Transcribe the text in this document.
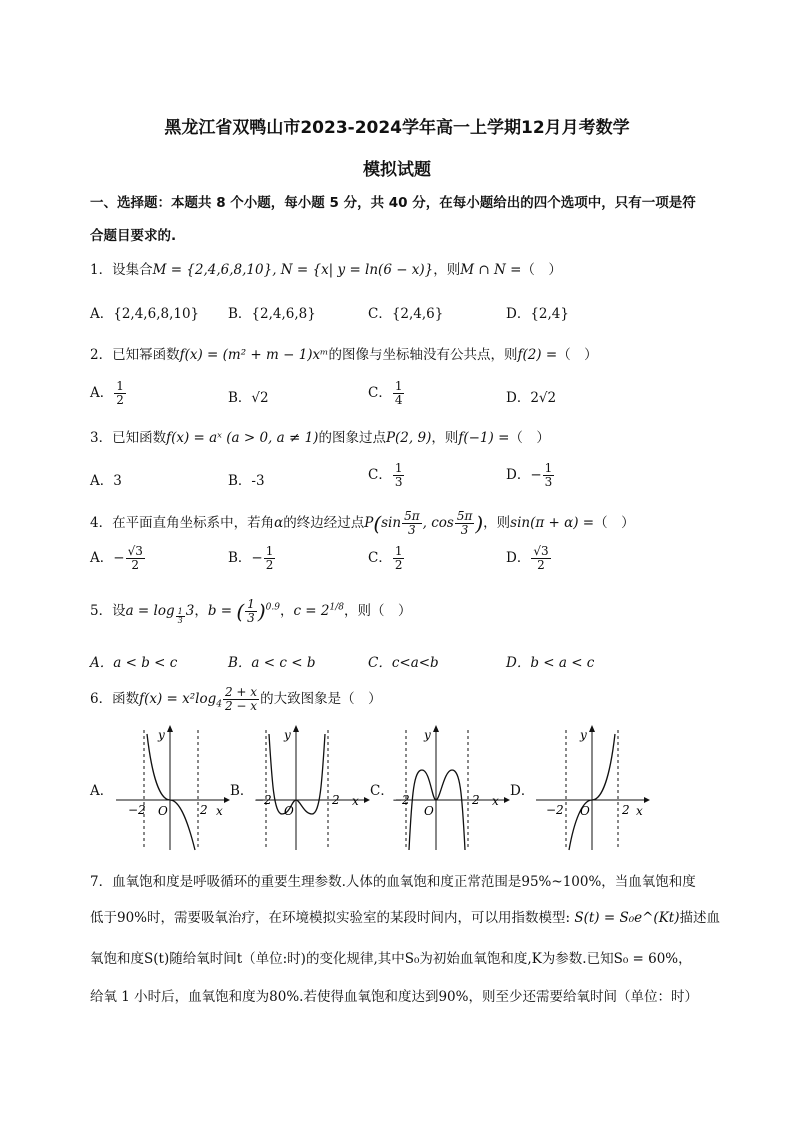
黑龙江省双鸭山市2023-2024学年高一上学期12月月考数学
模拟试题
一、选择题：本题共 8 个小题，每小题 5 分，共 40 分，在每小题给出的四个选项中，只有一项是符
合题目要求的.
1．设集合M = {2,4,6,8,10}, N = {x| y = ln(6 − x)}，则M ∩ N =（　）
A．{2,4,6,8,10} B．{2,4,6,8}	C．{2,4,6}	D．{2,4}
2．已知幂函数f(x) = (m² + m − 1)xᵐ的图像与坐标轴没有公共点，则f(2) =（　）
A． $\frac{1}{2}$	B．√2	C． $\frac{1}{4}$	D．2√2
3．已知函数f(x) = aˣ (a > 0, a ≠ 1)的图象过点P(2, 9)，则f(−1) =（　）
A．3	B．-3	C． $\frac{1}{3}$	D．− $\frac{1}{3}$
4．在平面直角坐标系中，若角α的终边经过点$P(\sin \frac{5\pi}{3}$ , $\cos \frac{5\pi}{3}$ )，则sin(π + α) =（　）
A．− $\frac{√3}{2}$	B．− $\frac{1}{2}$	C． $\frac{1}{2}$	D． $\frac{√3}{2}$
5．设a = log $_{\frac{1}{3}}$ 3，b = ( $\frac{1}{3} )^{0.9}$，$c = 2^{1/8}$，则（　）
A．a < b < c	B．a < c < b	C．c<a<b	D．b < a < c
6．函数$f(x) = x^2\log_4 \frac{2 + x}{2 - x}$ 的大致图象是（　）
A．	B．	C．	D．
y
−2 O	2 x
y
−2
O
2 x
y
−2
O
2 x
y
−2 O	2 x
7．血氧饱和度是呼吸循环的重要生理参数.人体的血氧饱和度正常范围是95%~100%，当血氧饱和度
低于90%时，需要吸氧治疗，在环境模拟实验室的某段时间内，可以用指数模型: S(t) = S₀e^(Kt)描述血
氧饱和度S(t)随给氧时间t（单位:时)的变化规律,其中S₀为初始血氧饱和度,K为参数.已知S₀ = 60%，
给氧 1 小时后，血氧饱和度为80%.若使得血氧饱和度达到90%，则至少还需要给氧时间（单位：时）
